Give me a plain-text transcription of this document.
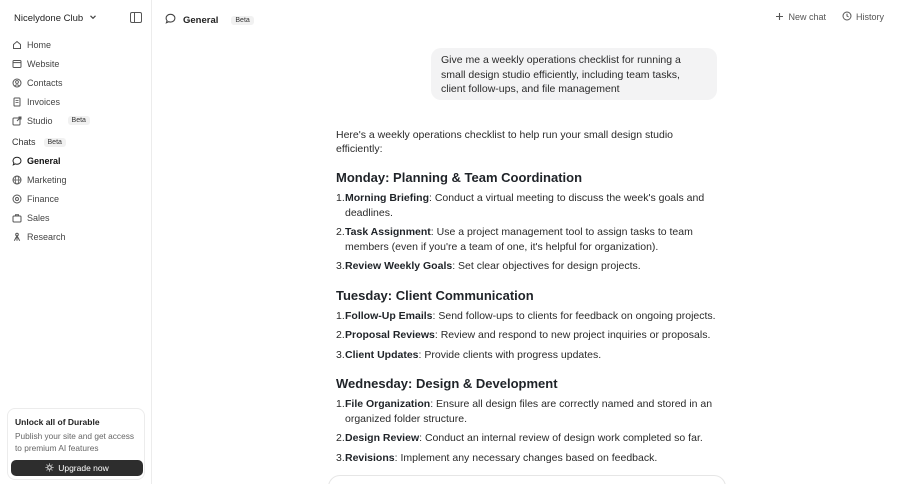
Nicelydone Club
Home
Website
Contacts
Invoices
Studio	Beta
Chats	Beta
General
Marketing
Finance
Sales
Research
Unlock all of Durable
Publish your site and get access to premium AI features
Upgrade now
General	Beta	New chat	History
Give me a weekly operations checklist for running a small design studio efficiently, including team tasks, client follow-ups, and file management

Here's a weekly operations checklist to help run your small design studio efficiently:

Monday: Planning & Team Coordination
1. Morning Briefing: Conduct a virtual meeting to discuss the week's goals and deadlines.
2. Task Assignment: Use a project management tool to assign tasks to team members (even if you're a team of one, it's helpful for organization).
3. Review Weekly Goals: Set clear objectives for design projects.
Tuesday: Client Communication
1. Follow-Up Emails: Send follow-ups to clients for feedback on ongoing projects.
2. Proposal Reviews: Review and respond to new project inquiries or proposals.
3. Client Updates: Provide clients with progress updates.
Wednesday: Design & Development
1. File Organization: Ensure all design files are correctly named and stored in an organized folder structure.
2. Design Review: Conduct an internal review of design work completed so far.
3. Revisions: Implement any necessary changes based on feedback.
